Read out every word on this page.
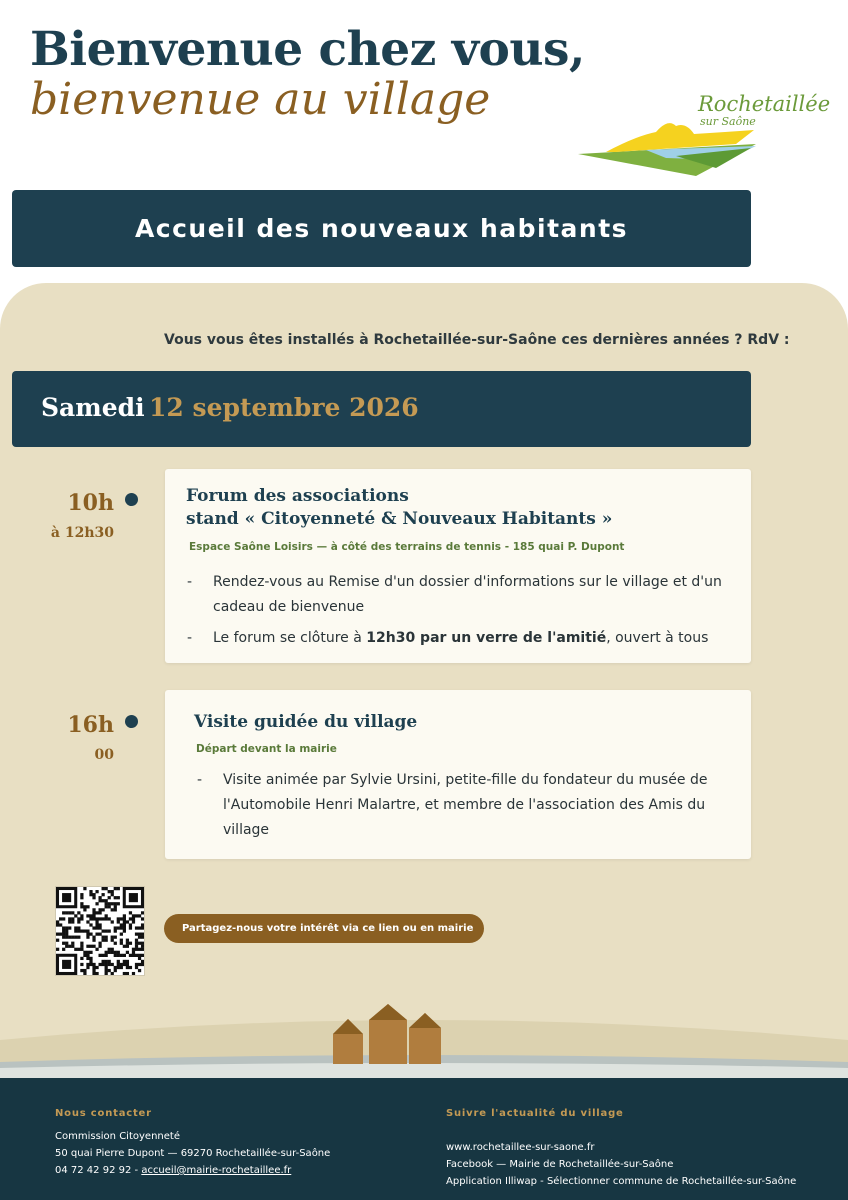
Bienvenue chez vous,
bienvenue au village	Rochetaillée
sur Saône
Accueil des nouveaux habitants
Vous vous êtes installés à Rochetaillée-sur-Saône ces dernières années ? RdV :
Samedi 12 septembre 2026
10h
à 12h30
Forum des associations
stand « Citoyenneté & Nouveaux Habitants »
Espace Saône Loisirs — à côté des terrains de tennis - 185 quai P. Dupont
- Rendez-vous au Remise d'un dossier d'informations sur le village et d'un
cadeau de bienvenue
- Le forum se clôture à 12h30 par un verre de l'amitié, ouvert à tous
16h
00
Visite guidée du village
Départ devant la mairie
- Visite animée par Sylvie Ursini, petite-fille du fondateur du musée de
l'Automobile Henri Malartre, et membre de l'association des Amis du
village
Partagez-nous votre intérêt via ce lien ou en mairie
Nous contacter
Commission Citoyenneté
50 quai Pierre Dupont — 69270 Rochetaillée-sur-Saône
04 72 42 92 92 - accueil@mairie-rochetaillee.fr
Suivre l'actualité du village
www.rochetaillee-sur-saone.fr
Facebook — Mairie de Rochetaillée-sur-Saône
Application Illiwap - Sélectionner commune de Rochetaillée-sur-Saône
